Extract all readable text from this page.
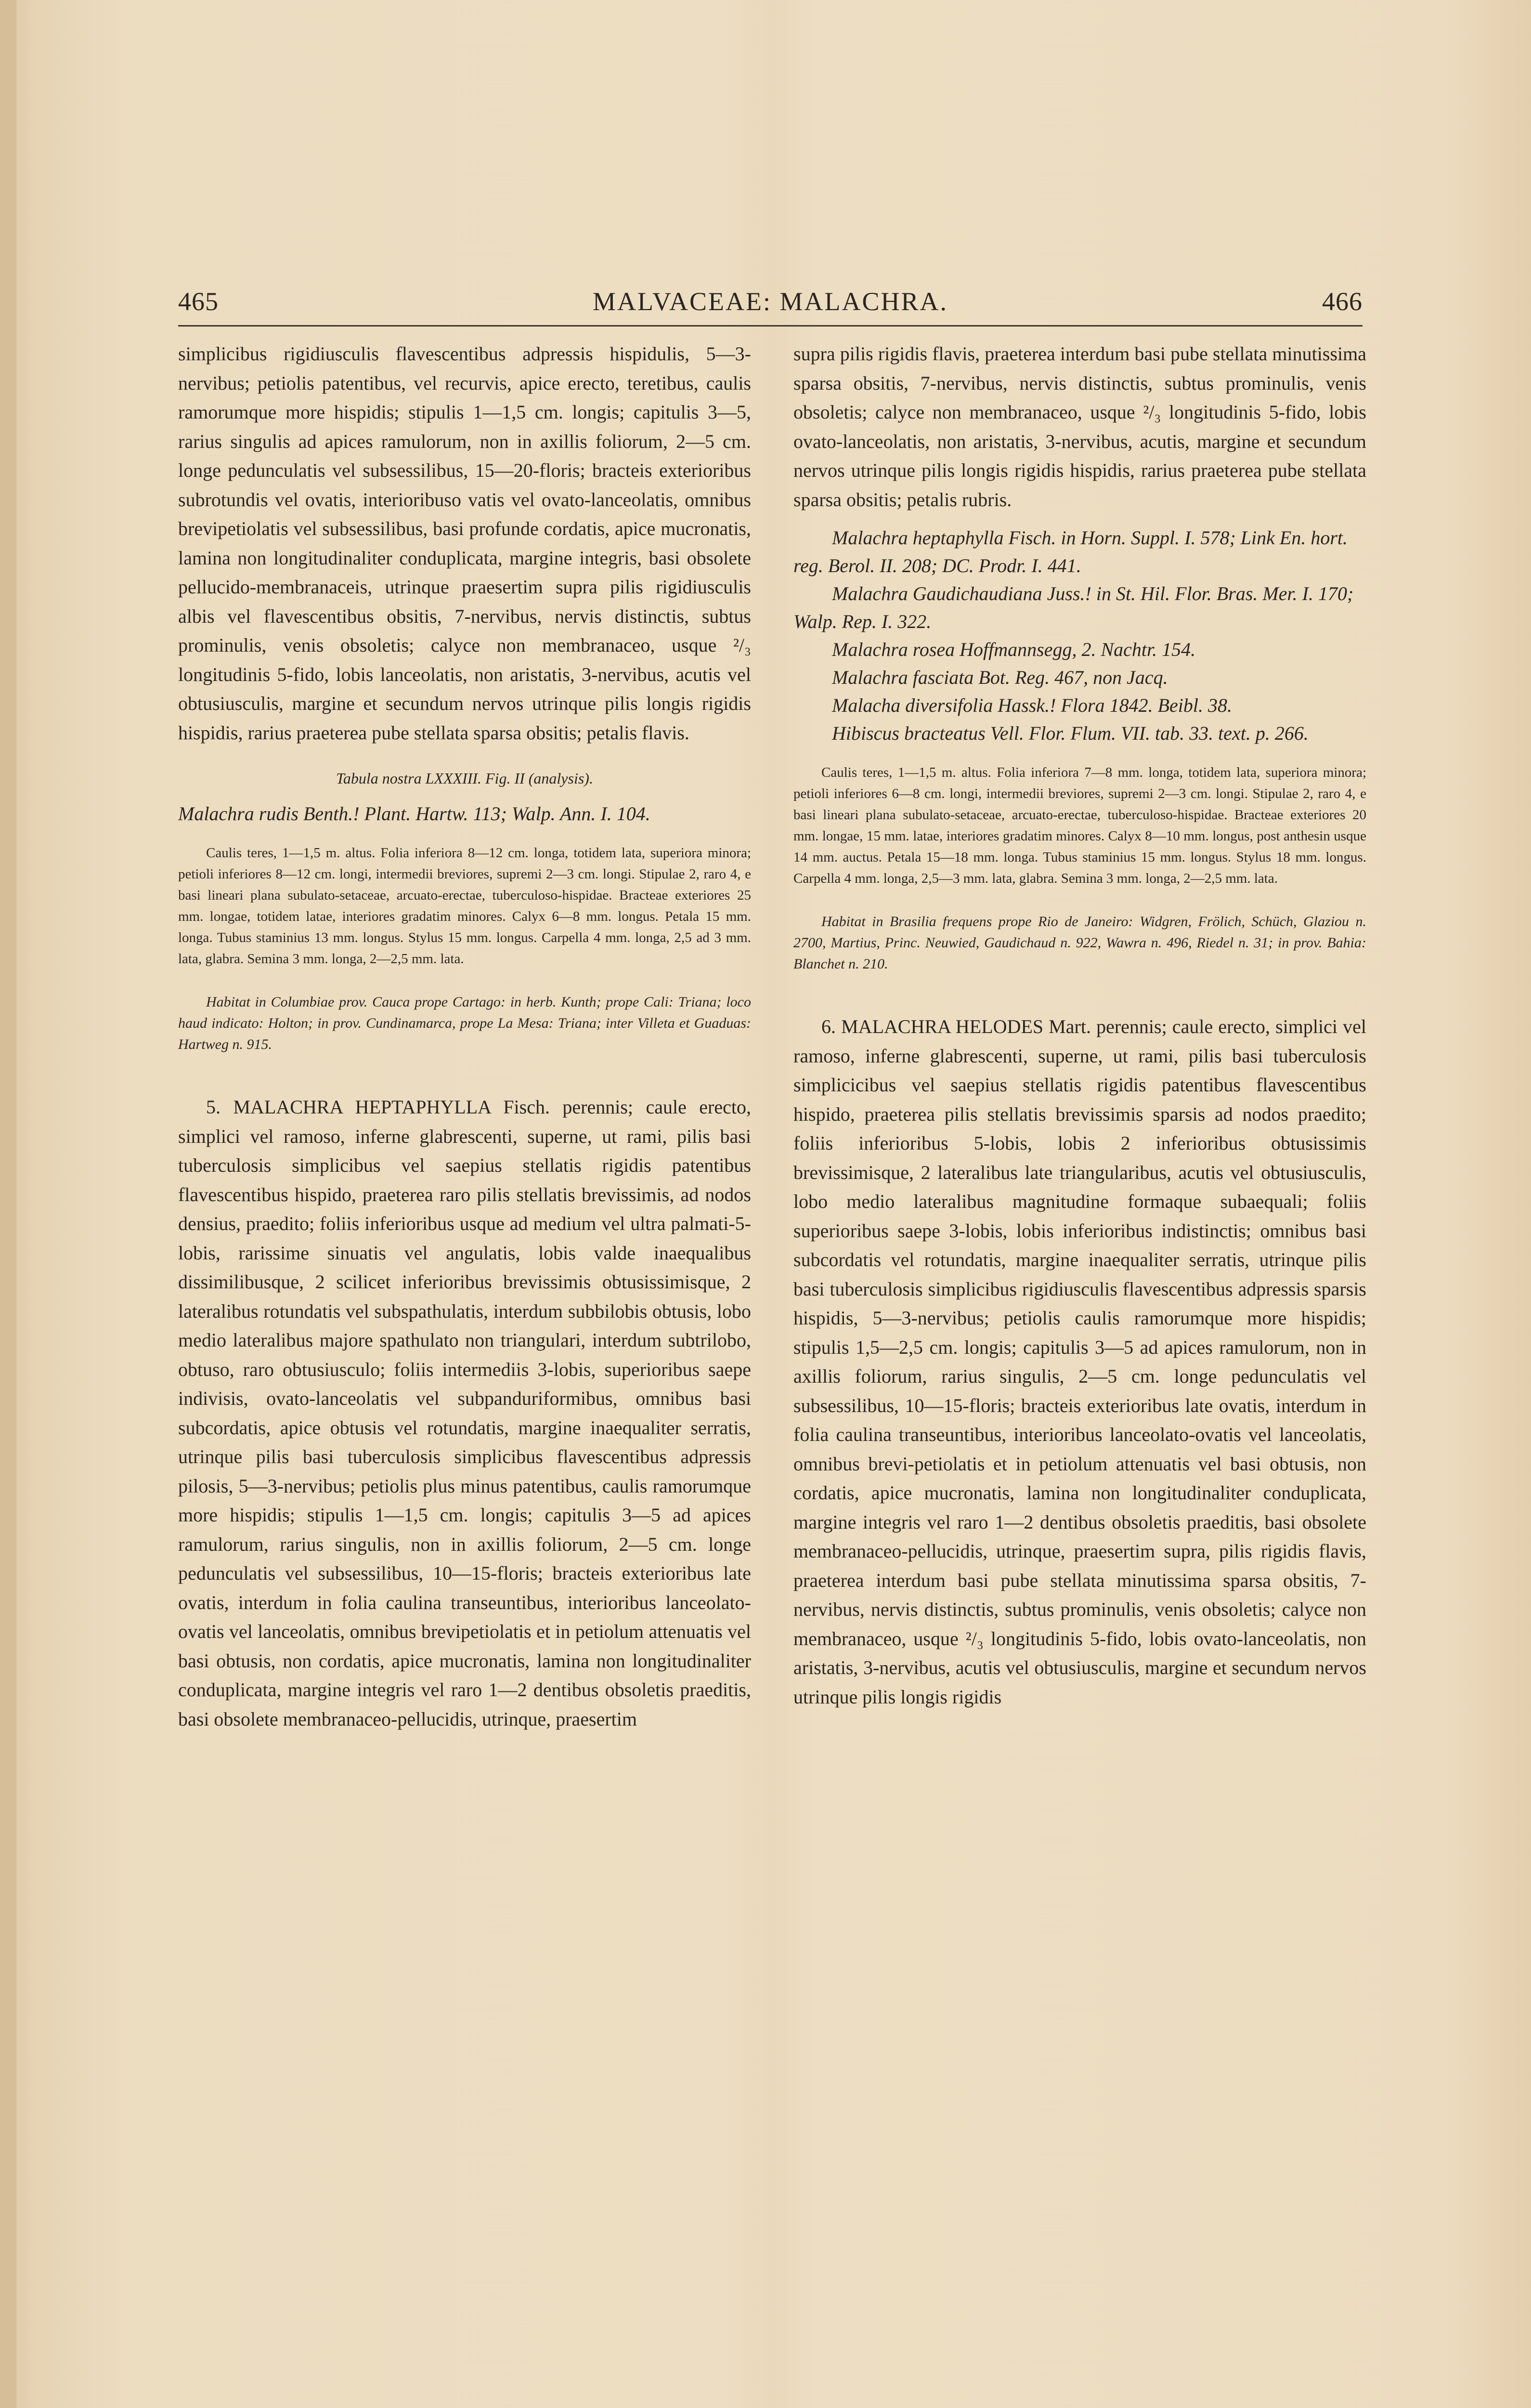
465	MALVACEAE: MALACHRA.	466

simplicibus rigidiusculis flavescentibus adpressis hispidulis, 5—3-nervibus; petiolis patentibus, vel recurvis, apice erecto, teretibus, caulis ramorumque more hispidis; stipulis 1—1,5 cm. longis; capitulis 3—5, rarius singulis ad apices ramulorum, non in axillis foliorum, 2—5 cm. longe pedunculatis vel subsessilibus, 15—20-floris; bracteis exterioribus subrotundis vel ovatis, interioribuso vatis vel ovato-lanceolatis, omnibus brevipetiolatis vel subsessilibus, basi profunde cordatis, apice mucronatis, lamina non longitudinaliter conduplicata, margine integris, basi obsolete pellucido-membranaceis, utrinque praesertim supra pilis rigidiusculis albis vel flavescentibus obsitis, 7-nervibus, nervis distinctis, subtus prominulis, venis obsoletis; calyce non membranaceo, usque ²/₃ longitudinis 5-fido, lobis lanceolatis, non aristatis, 3-nervibus, acutis vel obtusiusculis, margine et secundum nervos utrinque pilis longis rigidis hispidis, rarius praeterea pube stellata sparsa obsitis; petalis flavis.

Tabula nostra LXXXIII. Fig. II (analysis).

Malachra rudis Benth.! Plant. Hartw. 113; Walp. Ann. I. 104.

Caulis teres, 1—1,5 m. altus. Folia inferiora 8—12 cm. longa, totidem lata, superiora minora; petioli inferiores 8—12 cm. longi, intermedii breviores, supremi 2—3 cm. longi. Stipulae 2, raro 4, e basi lineari plana subulato-setaceae, arcuato-erectae, tuberculoso-hispidae. Bracteae exteriores 25 mm. longae, totidem latae, interiores gradatim minores. Calyx 6—8 mm. longus. Petala 15 mm. longa. Tubus staminius 13 mm. longus. Stylus 15 mm. longus. Carpella 4 mm. longa, 2,5 ad 3 mm. lata, glabra. Semina 3 mm. longa, 2—2,5 mm. lata.

Habitat in Columbiae prov. Cauca prope Cartago: in herb. Kunth; prope Cali: Triana; loco haud indicato: Holton; in prov. Cundinamarca, prope La Mesa: Triana; inter Villeta et Guaduas: Hartweg n. 915.

5. MALACHRA HEPTAPHYLLA Fisch. perennis; caule erecto, simplici vel ramoso, inferne glabrescenti, superne, ut rami, pilis basi tuberculosis simplicibus vel saepius stellatis rigidis patentibus flavescentibus hispido, praeterea raro pilis stellatis brevissimis, ad nodos densius, praedito; foliis inferioribus usque ad medium vel ultra palmati-5-lobis, rarissime sinuatis vel angulatis, lobis valde inaequalibus dissimilibusque, 2 scilicet inferioribus brevissimis obtusissimisque, 2 lateralibus rotundatis vel subspathulatis, interdum subbilobis obtusis, lobo medio lateralibus majore spathulato non triangulari, interdum subtrilobo, obtuso, raro obtusiusculo; foliis intermediis 3-lobis, superioribus saepe indivisis, ovato-lanceolatis vel subpanduriformibus, omnibus basi subcordatis, apice obtusis vel rotundatis, margine inaequaliter serratis, utrinque pilis basi tuberculosis simplicibus flavescentibus adpressis pilosis, 5—3-nervibus; petiolis plus minus patentibus, caulis ramorumque more hispidis; stipulis 1—1,5 cm. longis; capitulis 3—5 ad apices ramulorum, rarius singulis, non in axillis foliorum, 2—5 cm. longe pedunculatis vel subsessilibus, 10—15-floris; bracteis exterioribus late ovatis, interdum in folia caulina transeuntibus, interioribus lanceolato-ovatis vel lanceolatis, omnibus brevipetiolatis et in petiolum attenuatis vel basi obtusis, non cordatis, apice mucronatis, lamina non longitudinaliter conduplicata, margine integris vel raro 1—2 dentibus obsoletis praeditis, basi obsolete membranaceo-pellucidis, utrinque, praesertim

supra pilis rigidis flavis, praeterea interdum basi pube stellata minutissima sparsa obsitis, 7-nervibus, nervis distinctis, subtus prominulis, venis obsoletis; calyce non membranaceo, usque ²/₃ longitudinis 5-fido, lobis ovato-lanceolatis, non aristatis, 3-nervibus, acutis, margine et secundum nervos utrinque pilis longis rigidis hispidis, rarius praeterea pube stellata sparsa obsitis; petalis rubris.

Malachra heptaphylla Fisch. in Horn. Suppl. I. 578; Link En. hort. reg. Berol. II. 208; DC. Prodr. I. 441.

Malachra Gaudichaudiana Juss.! in St. Hil. Flor. Bras. Mer. I. 170; Walp. Rep. I. 322.

Malachra rosea Hoffmannsegg, 2. Nachtr. 154.

Malachra fasciata Bot. Reg. 467, non Jacq.

Malacha diversifolia Hassk.! Flora 1842. Beibl. 38.

Hibiscus bracteatus Vell. Flor. Flum. VII. tab. 33. text. p. 266.

Caulis teres, 1—1,5 m. altus. Folia inferiora 7—8 mm. longa, totidem lata, superiora minora; petioli inferiores 6—8 cm. longi, intermedii breviores, supremi 2—3 cm. longi. Stipulae 2, raro 4, e basi lineari plana subulato-setaceae, arcuato-erectae, tuberculoso-hispidae. Bracteae exteriores 20 mm. longae, 15 mm. latae, interiores gradatim minores. Calyx 8—10 mm. longus, post anthesin usque 14 mm. auctus. Petala 15—18 mm. longa. Tubus staminius 15 mm. longus. Stylus 18 mm. longus. Carpella 4 mm. longa, 2,5—3 mm. lata, glabra. Semina 3 mm. longa, 2—2,5 mm. lata.

Habitat in Brasilia frequens prope Rio de Janeiro: Widgren, Frölich, Schüch, Glaziou n. 2700, Martius, Princ. Neuwied, Gaudichaud n. 922, Wawra n. 496, Riedel n. 31; in prov. Bahia: Blanchet n. 210.

6. MALACHRA HELODES Mart. perennis; caule erecto, simplici vel ramoso, inferne glabrescenti, superne, ut rami, pilis basi tuberculosis simplicicibus vel saepius stellatis rigidis patentibus flavescentibus hispido, praeterea pilis stellatis brevissimis sparsis ad nodos praedito; foliis inferioribus 5-lobis, lobis 2 inferioribus obtusissimis brevissimisque, 2 lateralibus late triangularibus, acutis vel obtusiusculis, lobo medio lateralibus magnitudine formaque subaequali; foliis superioribus saepe 3-lobis, lobis inferioribus indistinctis; omnibus basi subcordatis vel rotundatis, margine inaequaliter serratis, utrinque pilis basi tuberculosis simplicibus rigidiusculis flavescentibus adpressis sparsis hispidis, 5—3-nervibus; petiolis caulis ramorumque more hispidis; stipulis 1,5—2,5 cm. longis; capitulis 3—5 ad apices ramulorum, non in axillis foliorum, rarius singulis, 2—5 cm. longe pedunculatis vel subsessilibus, 10—15-floris; bracteis exterioribus late ovatis, interdum in folia caulina transeuntibus, interioribus lanceolato-ovatis vel lanceolatis, omnibus brevi-petiolatis et in petiolum attenuatis vel basi obtusis, non cordatis, apice mucronatis, lamina non longitudinaliter conduplicata, margine integris vel raro 1—2 dentibus obsoletis praeditis, basi obsolete membranaceo-pellucidis, utrinque, praesertim supra, pilis rigidis flavis, praeterea interdum basi pube stellata minutissima sparsa obsitis, 7-nervibus, nervis distinctis, subtus prominulis, venis obsoletis; calyce non membranaceo, usque ²/₃ longitudinis 5-fido, lobis ovato-lanceolatis, non aristatis, 3-nervibus, acutis vel obtusiusculis, margine et secundum nervos utrinque pilis longis rigidis
